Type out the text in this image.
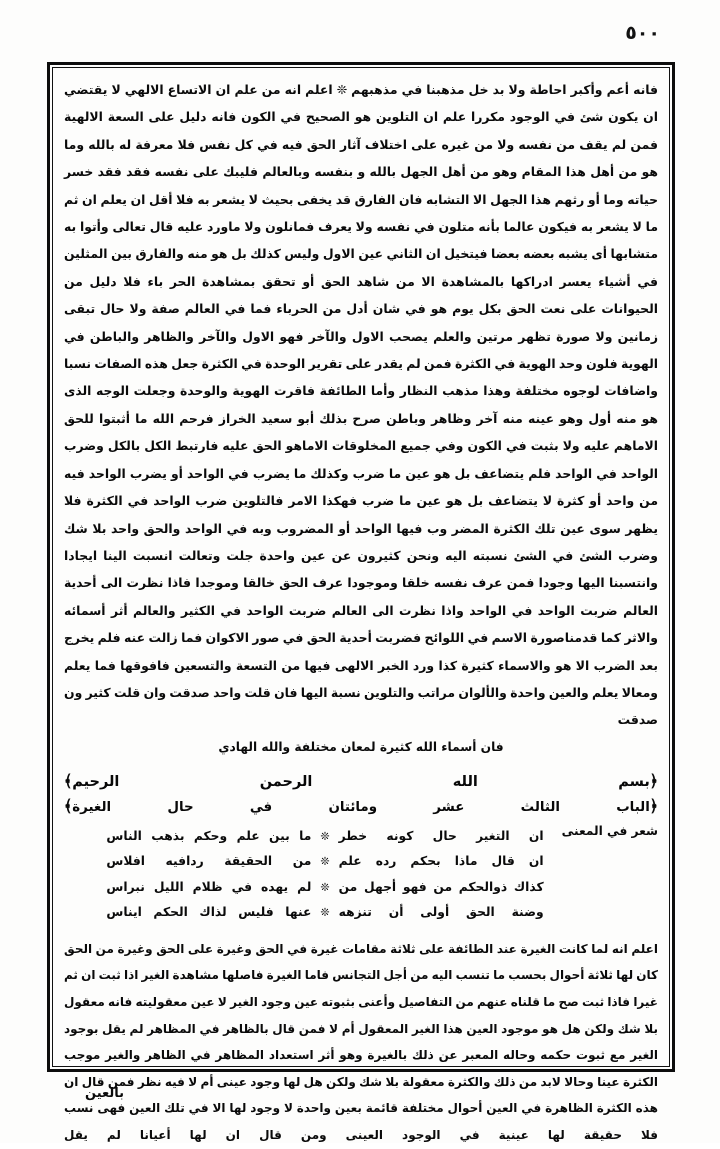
٥٠٠

فانه أعم وأكبر احاطة ولا بد خل مذهبنا في مذهبهم ❊ اعلم انه من علم ان الاتساع الالهي لا يقتضي ان يكون شئ في الوجود مكررا علم ان التلوين هو الصحيح في الكون فانه دليل على السعة الالهية فمن لم يقف من نفسه ولا من غيره على اختلاف آثار الحق فيه في كل نفس فلا معرفة له بالله وما هو من أهل هذا المقام وهو من أهل الجهل بالله و بنفسه وبالعالم فليبك على نفسه فقد فقد خسر حياته وما أو رثهم هذا الجهل الا التشابه فان الفارق قد يخفى بحيث لا يشعر به فلا أقل ان يعلم ان ثم ما لا يشعر به فيكون عالما بأنه متلون في نفسه ولا يعرف فمانلون ولا ماورد عليه قال تعالى وأتوا به متشابها أى يشبه بعضه بعضا فيتخيل ان الثاني عين الاول وليس كذلك بل هو منه والفارق بين المثلين في أشياء يعسر ادراكها بالمشاهدة الا من شاهد الحق أو تحقق بمشاهدة الحر باء فلا دليل من الحيوانات على نعت الحق بكل يوم هو في شان أدل من الحرباء فما في العالم صفة ولا حال تبقى زمانين ولا صورة تظهر مرتين والعلم يصحب الاول والآخر فهو الاول والآخر والظاهر والباطن في الهوية فلون وحد الهوية في الكثرة فمن لم يقدر على تقرير الوحدة في الكثرة جعل هذه الصفات نسبا واضافات لوجوه مختلفة وهذا مذهب النظار وأما الطائفة فاقرت الهوية والوحدة وجعلت الوجه الذى هو منه أول وهو عينه منه آخر وظاهر وباطن صرح بذلك أبو سعيد الخراز فرحم الله ما أثبتوا للحق الاماهم عليه ولا بثبت في الكون وفي جميع المخلوقات الاماهو الحق عليه فارتبط الكل بالكل وضرب الواحد في الواحد فلم يتضاعف بل هو عين ما ضرب وكذلك ما يضرب في الواحد أو يضرب الواحد فيه من واحد أو كثرة لا يتضاعف بل هو عين ما ضرب فهكذا الامر فالتلوين ضرب الواحد في الكثرة فلا يظهر سوى عين تلك الكثرة المضر وب فيها الواحد أو المضروب وبه في الواحد والحق واحد بلا شك وضرب الشئ في الشئ نسبته اليه ونحن كثيرون عن عين واحدة جلت وتعالت انسبت الينا ايجادا وانتسبنا اليها وجودا فمن عرف نفسه خلقا وموجودا عرف الحق خالقا وموجدا فاذا نظرت الى أحدية العالم ضربت الواحد في الواحد واذا نظرت الى العالم ضربت الواحد في الكثير والعالم أثر أسمائه والاثر كما قدمناصورة الاسم في اللوائح فضربت أحدية الحق في صور الاكوان فما زالت عنه فلم يخرج بعد الضرب الا هو والاسماء كثيرة كذا ورد الخبر الالهى فيها من التسعة والتسعين فافوقها فما يعلم ومعالا يعلم والعين واحدة والألوان مراتب والتلوين نسبة اليها فان قلت واحد صدقت وان قلت كثير ون صدقت

فان أسماء الله كثيرة لمعان مختلفة والله الهادي

﴿بسم الله الرحمن الرحيم﴾
﴿الباب الثالث عشر ومائتان في حال الغيرة﴾
شعر في المعنى
ان التغير حال كونه خطر
❊
ما بين علم وحكم بذهب الناس
ان قال ماذا بحكم رده علم
❊
من الحقيقة ردافيه افلاس
كذاك ذوالحكم من فهو أجهل من
❊
لم يهده في ظلام الليل نبراس
وضنة الحق أولى أن تنزهه
❊
عنها فليس لذاك الحكم ايناس

اعلم انه لما كانت الغيرة عند الطائفة على ثلاثة مقامات غيرة في الحق وغيرة على الحق وغيرة من الحق كان لها ثلاثة أحوال بحسب ما تنسب اليه من أجل التجانس فاما الغيرة فاصلها مشاهدة الغير اذا ثبت ان ثم غيرا فاذا ثبت صح ما قلناه عنهم من التفاصيل وأعنى بثبوته عين وجود الغير لا عين معقوليته فانه معقول بلا شك ولكن هل هو موجود العين هذا الغير المعقول أم لا فمن قال بالظاهر في المظاهر لم يقل بوجود الغير مع ثبوت حكمه وحاله المعبر عن ذلك بالغيرة وهو أثر استعداد المظاهر في الظاهر والغير موجب الكثرة عينا وحالا لابد من ذلك والكثرة معقولة بلا شك ولكن هل لها وجود عينى أم لا فيه نظر فمن قال ان هذه الكثرة الظاهرة في العين أحوال مختلفة قائمة بعين واحدة لا وجود لها الا في تلك العين فهى نسب فلا حقيقة لها عينية في الوجود العينى ومن قال ان لها أعيانا لم يقل

بالعين
